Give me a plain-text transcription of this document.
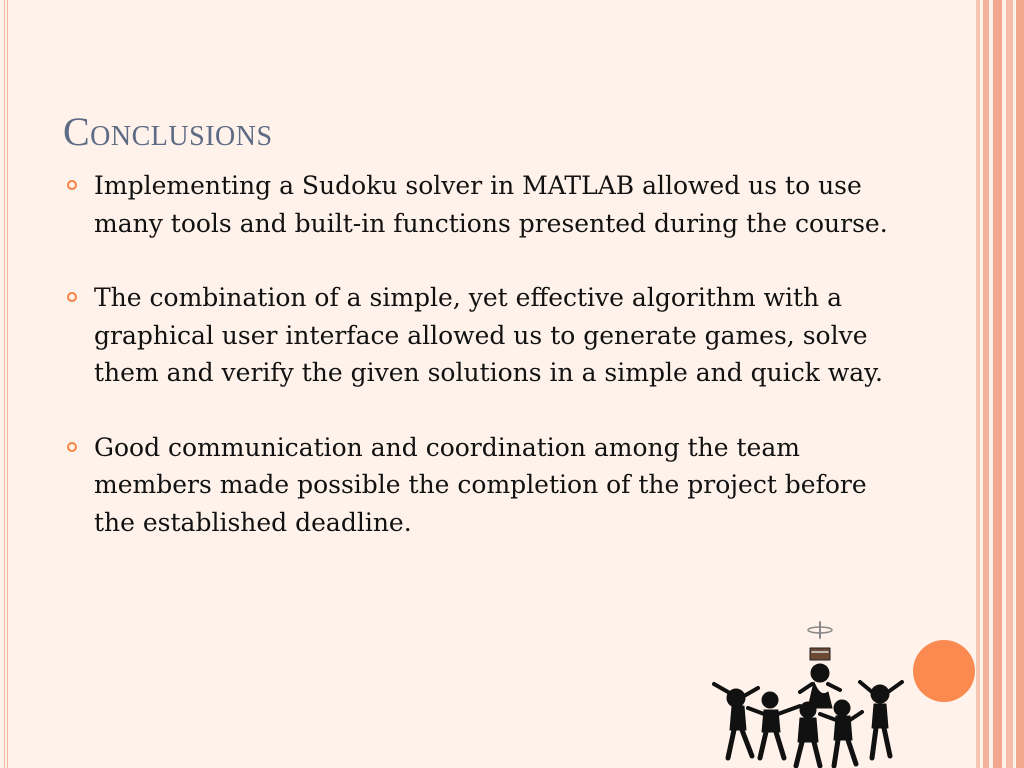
Conclusions
Implementing a Sudoku solver in MATLAB allowed us to use many tools and built-in functions presented during the course.
The combination of a simple, yet effective algorithm with a graphical user interface allowed us to generate games, solve them and verify the given solutions in a simple and quick way.
Good communication and coordination among the team members made possible the completion of the project before the established deadline.
